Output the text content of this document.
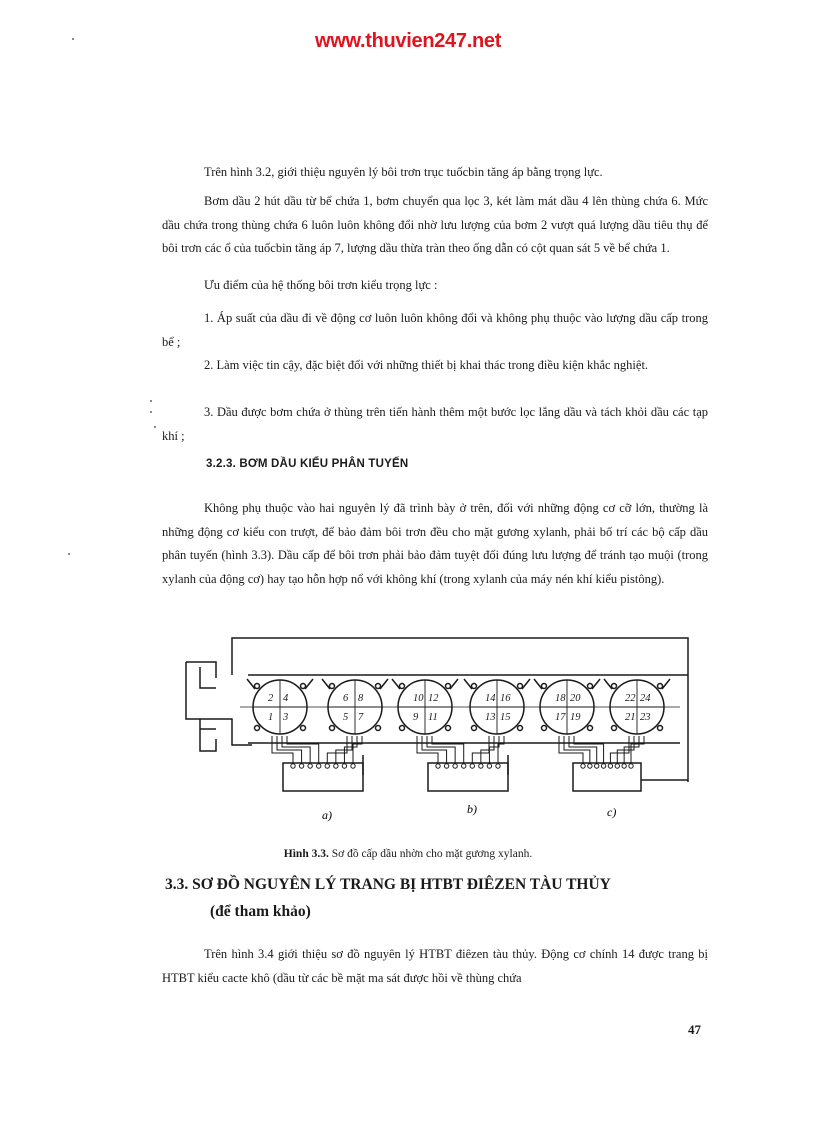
www.thuvien247.net

Trên hình 3.2, giới thiệu nguyên lý bôi trơn trục tuốcbin tăng áp bằng trọng lực.

Bơm dầu 2 hút dầu từ bể chứa 1, bơm chuyển qua lọc 3, két làm mát dầu 4 lên thùng chứa 6. Mức dầu chứa trong thùng chứa 6 luôn luôn không đổi nhờ lưu lượng của bơm 2 vượt quá lượng dầu tiêu thụ để bôi trơn các ổ của tuốcbin tăng áp 7, lượng dầu thừa tràn theo ống dẫn có cột quan sát 5 về bể chứa 1.

Ưu điểm của hệ thống bôi trơn kiểu trọng lực :

1. Áp suất của dầu đi về động cơ luôn luôn không đổi và không phụ thuộc vào lượng dầu cấp trong bể ;

2. Làm việc tin cậy, đặc biệt đối với những thiết bị khai thác trong điều kiện khắc nghiệt.

3. Dầu được bơm chứa ở thùng trên tiến hành thêm một bước lọc lắng dầu và tách khỏi dầu các tạp khí ;

3.2.3. BƠM DẦU KIỂU PHÂN TUYẾN

Không phụ thuộc vào hai nguyên lý đã trình bày ở trên, đối với những động cơ cỡ lớn, thường là những động cơ kiểu con trượt, để bảo đảm bôi trơn đều cho mặt gương xylanh, phải bố trí các bộ cấp dầu phân tuyến (hình 3.3). Dầu cấp để bôi trơn phải bảo đảm tuyệt đối đúng lưu lượng để tránh tạo muội (trong xylanh của động cơ) hay tạo hỗn hợp nổ với không khí (trong xylanh của máy nén khí kiểu pistông).

2 4
1 3
6 8
5 7
10 12
9 11
14 16
13 15
18 20
17 19
22 24
21 23
a)	b)	c)

Hình 3.3. Sơ đồ cấp dầu nhờn cho mặt gương xylanh.

3.3. SƠ ĐỒ NGUYÊN LÝ TRANG BỊ HTBT ĐIÊZEN TÀU THỦY
(để tham khảo)

Trên hình 3.4 giới thiệu sơ đồ nguyên lý HTBT điêzen tàu thủy. Động cơ chính 14 được trang bị HTBT kiểu cacte khô (dầu từ các bề mặt ma sát được hồi về thùng chứa

47
